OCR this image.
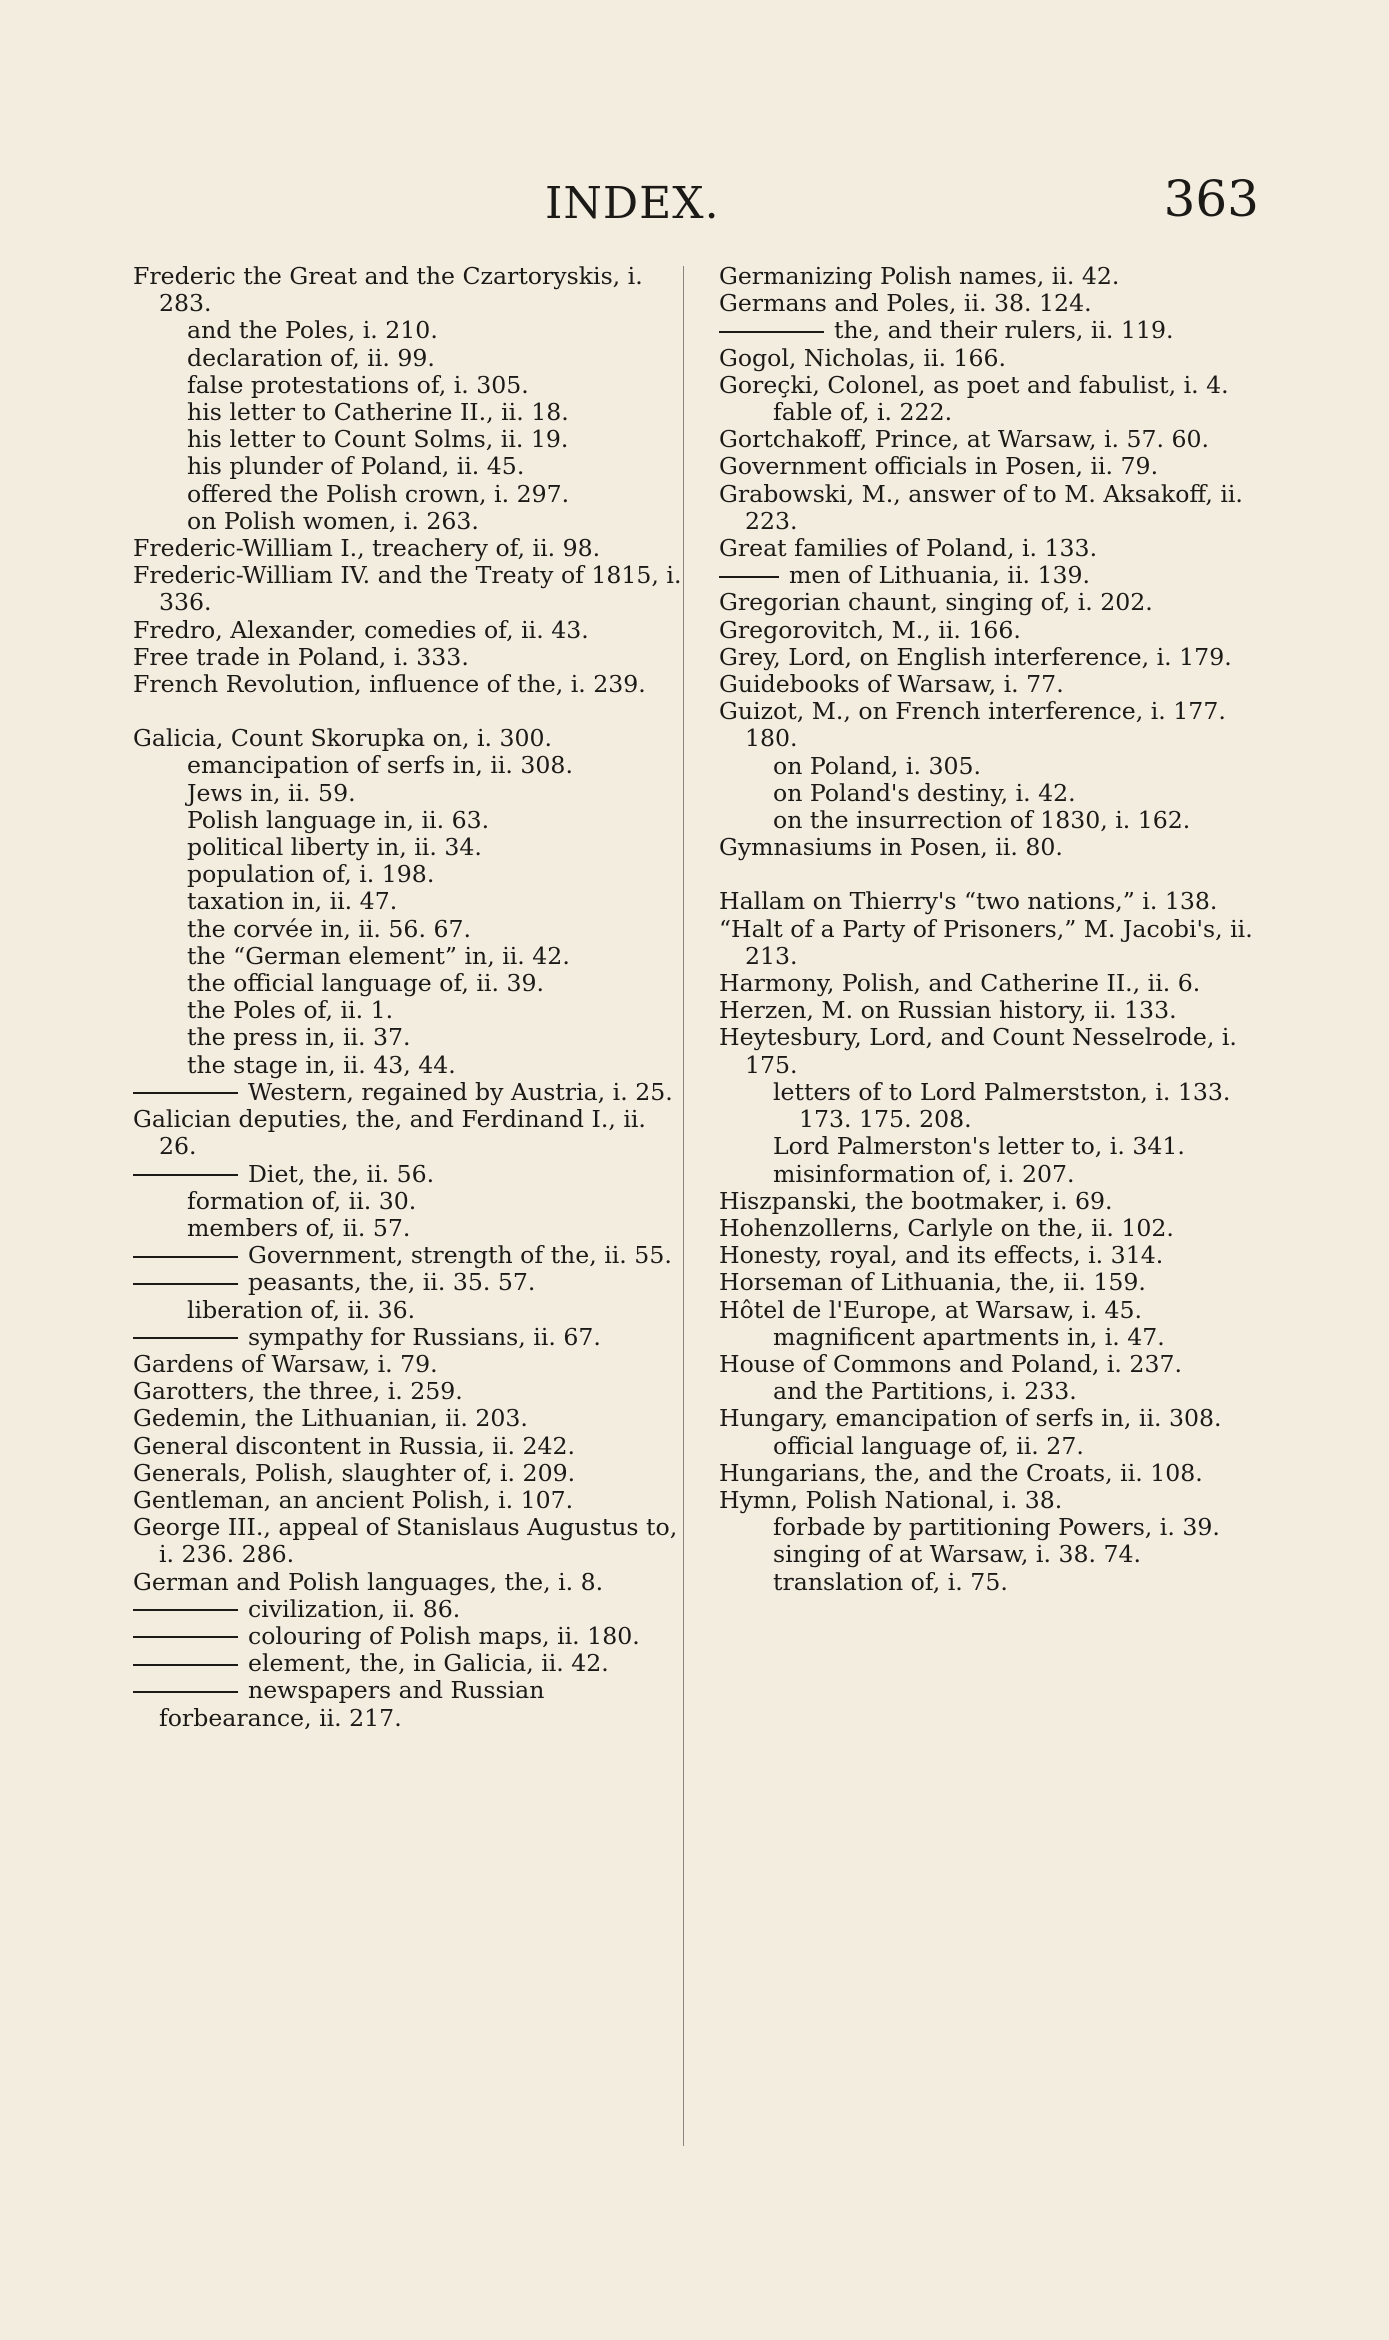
INDEX.	363
Frederic the Great and the Czartoryskis, i. 283.
and the Poles, i. 210.
declaration of, ii. 99.
false protestations of, i. 305.
his letter to Catherine II., ii. 18.
his letter to Count Solms, ii. 19.
his plunder of Poland, ii. 45.
offered the Polish crown, i. 297.
on Polish women, i. 263.
Frederic-William I., treachery of, ii. 98.
Frederic-William IV. and the Treaty of 1815, i. 336.
Fredro, Alexander, comedies of, ii. 43.
Free trade in Poland, i. 333.
French Revolution, influence of the, i. 239.
Galicia, Count Skorupka on, i. 300.
emancipation of serfs in, ii. 308.
Jews in, ii. 59.
Polish language in, ii. 63.
political liberty in, ii. 34.
population of, i. 198.
taxation in, ii. 47.
the corvée in, ii. 56. 67.
the “German element” in, ii. 42.
the official language of, ii. 39.
the Poles of, ii. 1.
the press in, ii. 37.
the stage in, ii. 43, 44.
Western, regained by Austria, i. 25.
Galician deputies, the, and Ferdinand I., ii. 26.
Diet, the, ii. 56.
formation of, ii. 30.
members of, ii. 57.
Government, strength of the, ii. 55.
peasants, the, ii. 35. 57.
liberation of, ii. 36.
sympathy for Russians, ii. 67.
Gardens of Warsaw, i. 79.
Garotters, the three, i. 259.
Gedemin, the Lithuanian, ii. 203.
General discontent in Russia, ii. 242.
Generals, Polish, slaughter of, i. 209.
Gentleman, an ancient Polish, i. 107.
George III., appeal of Stanislaus Augustus to, i. 236. 286.
German and Polish languages, the, i. 8.
civilization, ii. 86.
colouring of Polish maps, ii. 180.
element, the, in Galicia, ii. 42.
newspapers and Russian forbearance, ii. 217.
Germanizing Polish names, ii. 42.
Germans and Poles, ii. 38. 124.
the, and their rulers, ii. 119.
Gogol, Nicholas, ii. 166.
Goreçki, Colonel, as poet and fabulist, i. 4.
fable of, i. 222.
Gortchakoff, Prince, at Warsaw, i. 57. 60.
Government officials in Posen, ii. 79.
Grabowski, M., answer of to M. Aksakoff, ii. 223.
Great families of Poland, i. 133.
men of Lithuania, ii. 139.
Gregorian chaunt, singing of, i. 202.
Gregorovitch, M., ii. 166.
Grey, Lord, on English interference, i. 179.
Guidebooks of Warsaw, i. 77.
Guizot, M., on French interference, i. 177. 180.
on Poland, i. 305.
on Poland's destiny, i. 42.
on the insurrection of 1830, i. 162.
Gymnasiums in Posen, ii. 80.
Hallam on Thierry's “two nations,” i. 138.
“Halt of a Party of Prisoners,” M. Jacobi's, ii. 213.
Harmony, Polish, and Catherine II., ii. 6.
Herzen, M. on Russian history, ii. 133.
Heytesbury, Lord, and Count Nesselrode, i. 175.
letters of to Lord Palmerstston, i. 133. 173. 175. 208.
Lord Palmerston's letter to, i. 341.
misinformation of, i. 207.
Hiszpanski, the bootmaker, i. 69.
Hohenzollerns, Carlyle on the, ii. 102.
Honesty, royal, and its effects, i. 314.
Horseman of Lithuania, the, ii. 159.
Hôtel de l'Europe, at Warsaw, i. 45.
magnificent apartments in, i. 47.
House of Commons and Poland, i. 237.
and the Partitions, i. 233.
Hungary, emancipation of serfs in, ii. 308.
official language of, ii. 27.
Hungarians, the, and the Croats, ii. 108.
Hymn, Polish National, i. 38.
forbade by partitioning Powers, i. 39.
singing of at Warsaw, i. 38. 74.
translation of, i. 75.
